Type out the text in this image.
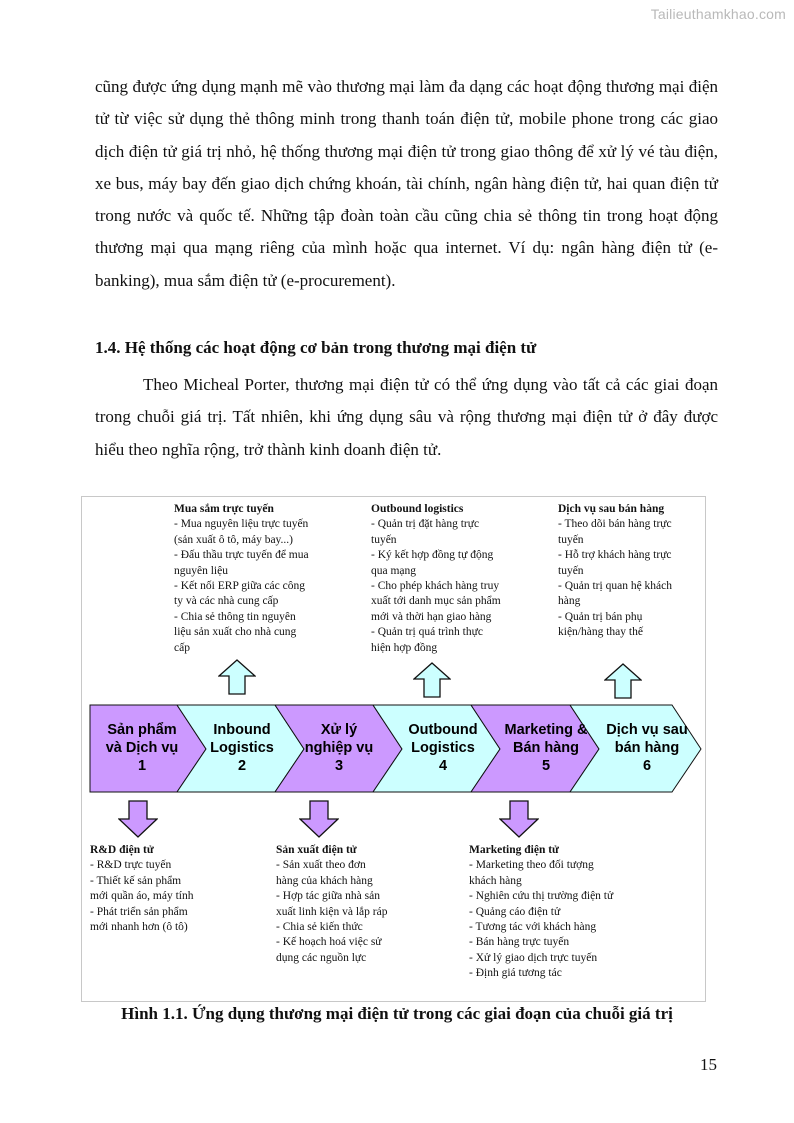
Tailieuthamkhao.com

cũng được ứng dụng mạnh mẽ vào thương mại làm đa dạng các hoạt động thương mại điện tử từ việc sử dụng thẻ thông minh trong thanh toán điện tử, mobile phone trong các giao dịch điện tử giá trị nhỏ, hệ thống thương mại điện tử trong giao thông để xử lý vé tàu điện, xe bus, máy bay đến giao dịch chứng khoán, tài chính, ngân hàng điện tử, hai quan điện tử trong nước và quốc tế. Những tập đoàn toàn cầu cũng chia sẻ thông tin trong hoạt động thương mại qua mạng riêng của mình hoặc qua internet. Ví dụ: ngân hàng điện tử (e-banking), mua sắm điện tử (e-procurement).

1.4. Hệ thống các hoạt động cơ bản trong thương mại điện tử

Theo Micheal Porter, thương mại điện tử có thể ứng dụng vào tất cả các giai đoạn trong chuỗi giá trị. Tất nhiên, khi ứng dụng sâu và rộng thương mại điện tử ở đây được hiểu theo nghĩa rộng, trở thành kinh doanh điện tử.

Mua sắm trực tuyến
- Mua nguyên liệu trực tuyến
(sản xuất ô tô, máy bay...)
- Đấu thầu trực tuyến để mua
nguyên liệu
- Kết nối ERP giữa các công
ty và các nhà cung cấp
- Chia sẻ thông tin nguyên
liệu sản xuất cho nhà cung
cấp
Outbound logistics
- Quản trị đặt hàng trực
tuyến
- Ký kết hợp đồng tự động
qua mạng
- Cho phép khách hàng truy
xuất tới danh mục sản phẩm
mới và thời hạn giao hàng
- Quản trị quá trình thực
hiện hợp đồng
Dịch vụ sau bán hàng
- Theo dõi bán hàng trực
tuyến
- Hỗ trợ khách hàng trực
tuyến
- Quản trị quan hệ khách
hàng
- Quản trị bán phụ
kiện/hàng thay thế
Sản phẩm
và Dịch vụ
1
Inbound
Logistics
2
Xử lý
nghiệp vụ
3
Outbound
Logistics
4
Marketing &
Bán hàng
5
Dịch vụ sau
bán hàng
6
R&D điện tử
- R&D trực tuyến
- Thiết kế sản phẩm
mới quần áo, máy tính
- Phát triển sản phẩm
mới nhanh hơn (ô tô)
Sản xuất điện tử
- Sản xuất theo đơn
hàng của khách hàng
- Hợp tác giữa nhà sản
xuất linh kiện và lắp ráp
- Chia sẻ kiến thức
- Kế hoạch hoá việc sử
dụng các nguồn lực
Marketing điện tử
- Marketing theo đối tượng
khách hàng
- Nghiên cứu thị trường điện tử
- Quảng cáo điện tử
- Tương tác với khách hàng
- Bán hàng trực tuyến
- Xử lý giao dịch trực tuyến
- Định giá tương tác

Hình 1.1. Ứng dụng thương mại điện tử trong các giai đoạn của chuỗi giá trị

15
